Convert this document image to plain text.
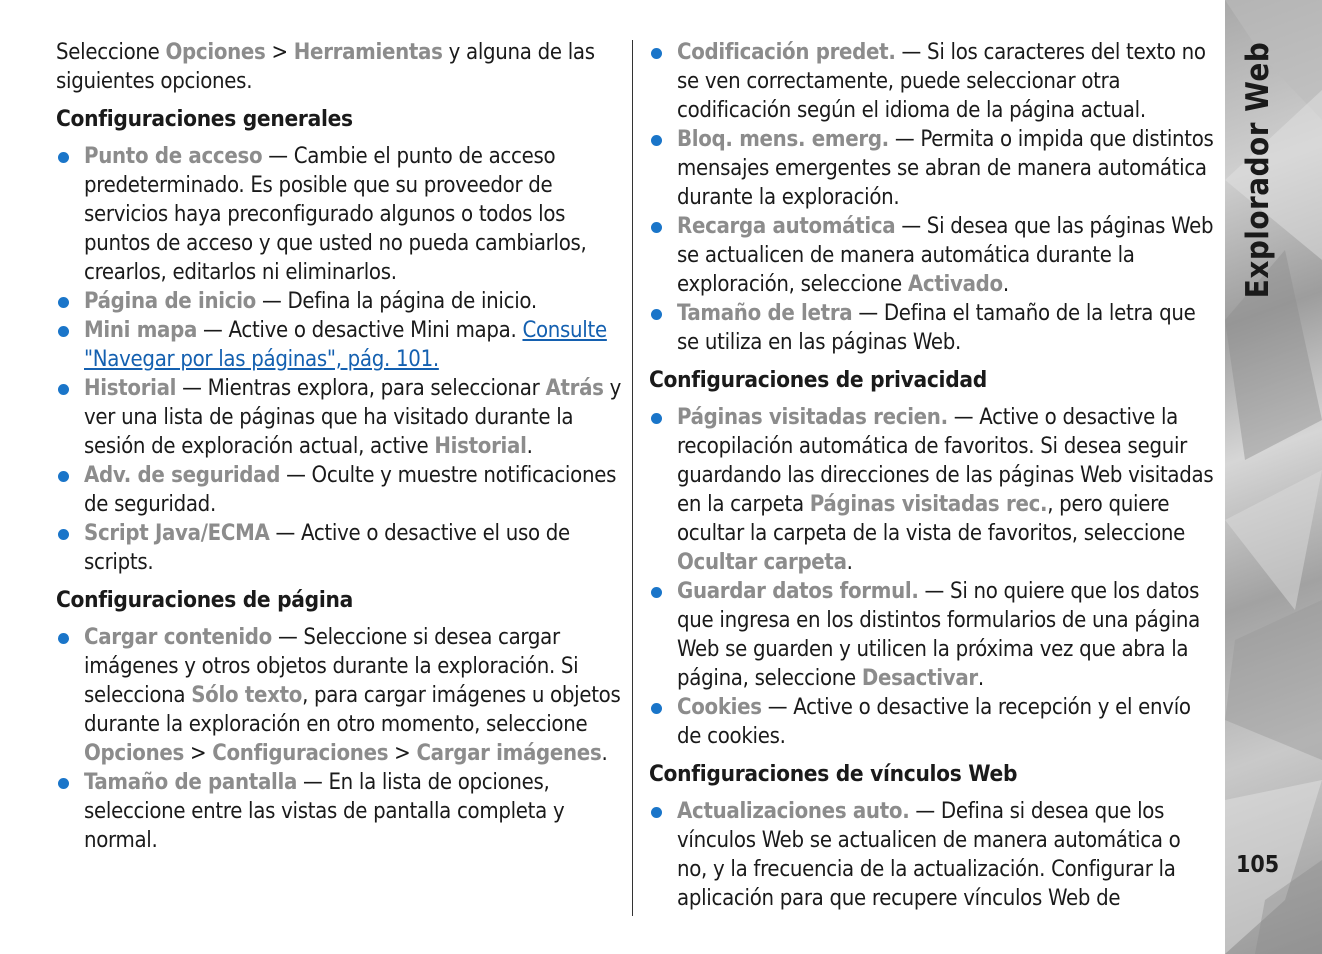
Seleccione Opciones > Herramientas y alguna de las siguientes opciones.

Configuraciones generales
Punto de acceso — Cambie el punto de acceso predeterminado. Es posible que su proveedor de servicios haya preconfigurado algunos o todos los puntos de acceso y que usted no pueda cambiarlos, crearlos, editarlos ni eliminarlos.
Página de inicio — Defina la página de inicio.
Mini mapa — Active o desactive Mini mapa. Consulte "Navegar por las páginas", pág. 101.
Historial — Mientras explora, para seleccionar Atrás y ver una lista de páginas que ha visitado durante la sesión de exploración actual, active Historial.
Adv. de seguridad — Oculte y muestre notificaciones de seguridad.
Script Java/ECMA — Active o desactive el uso de scripts.
Configuraciones de página
Cargar contenido — Seleccione si desea cargar imágenes y otros objetos durante la exploración. Si selecciona Sólo texto, para cargar imágenes u objetos durante la exploración en otro momento, seleccione Opciones > Configuraciones > Cargar imágenes.
Tamaño de pantalla — En la lista de opciones, seleccione entre las vistas de pantalla completa y normal.
Codificación predet. — Si los caracteres del texto no se ven correctamente, puede seleccionar otra codificación según el idioma de la página actual.
Bloq. mens. emerg. — Permita o impida que distintos mensajes emergentes se abran de manera automática durante la exploración.
Recarga automática — Si desea que las páginas Web se actualicen de manera automática durante la exploración, seleccione Activado.
Tamaño de letra — Defina el tamaño de la letra que se utiliza en las páginas Web.
Configuraciones de privacidad
Páginas visitadas recien. — Active o desactive la recopilación automática de favoritos. Si desea seguir guardando las direcciones de las páginas Web visitadas en la carpeta Páginas visitadas rec., pero quiere ocultar la carpeta de la vista de favoritos, seleccione Ocultar carpeta.
Guardar datos formul. — Si no quiere que los datos que ingresa en los distintos formularios de una página Web se guarden y utilicen la próxima vez que abra la página, seleccione Desactivar.
Cookies — Active o desactive la recepción y el envío de cookies.
Configuraciones de vínculos Web
Actualizaciones auto. — Defina si desea que los vínculos Web se actualicen de manera automática o no, y la frecuencia de la actualización. Configurar la aplicación para que recupere vínculos Web de
Explorador Web
105
